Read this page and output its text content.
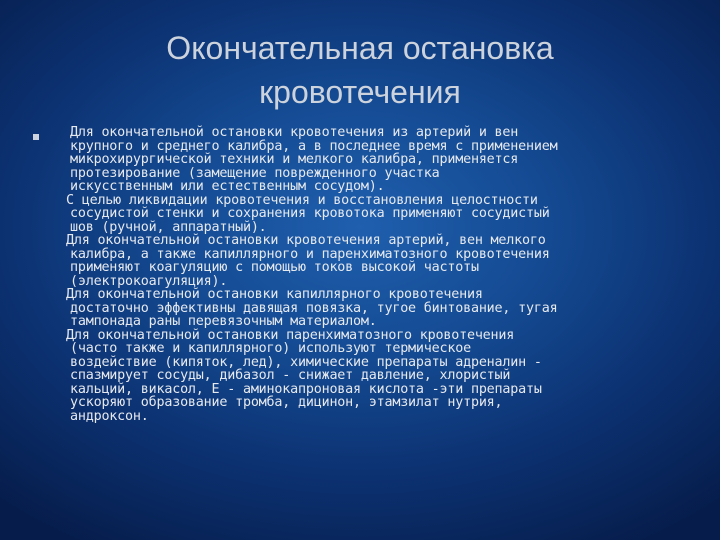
Окончательная остановка
кровотечения
Для окончательной остановки кровотечения из артерий и вен
крупного и среднего калибра, а в последнее время с применением
микрохирургической техники и мелкого калибра, применяется
протезирование (замещение поврежденного участка
искусственным или естественным сосудом).
С целью ликвидации кровотечения и восстановления целостности
сосудистой стенки и сохранения кровотока применяют сосудистый
шов (ручной, аппаратный).
Для окончательной остановки кровотечения артерий, вен мелкого
калибра, а также капиллярного и паренхиматозного кровотечения
применяют коагуляцию с помощью токов высокой частоты
(электрокоагуляция).
Для окончательной остановки капиллярного кровотечения
достаточно эффективны давящая повязка, тугое бинтование, тугая
тампонада раны перевязочным материалом.
Для окончательной остановки паренхиматозного кровотечения
(часто также и капиллярного) используют термическое
воздействие (кипяток, лед), химические препараты адреналин -
спазмирует сосуды, дибазол - снижает давление, хлористый
кальций, викасол, Е - аминокапроновая кислота -эти препараты
ускоряют образование тромба, дицинон, этамзилат нутрия,
андроксон.
